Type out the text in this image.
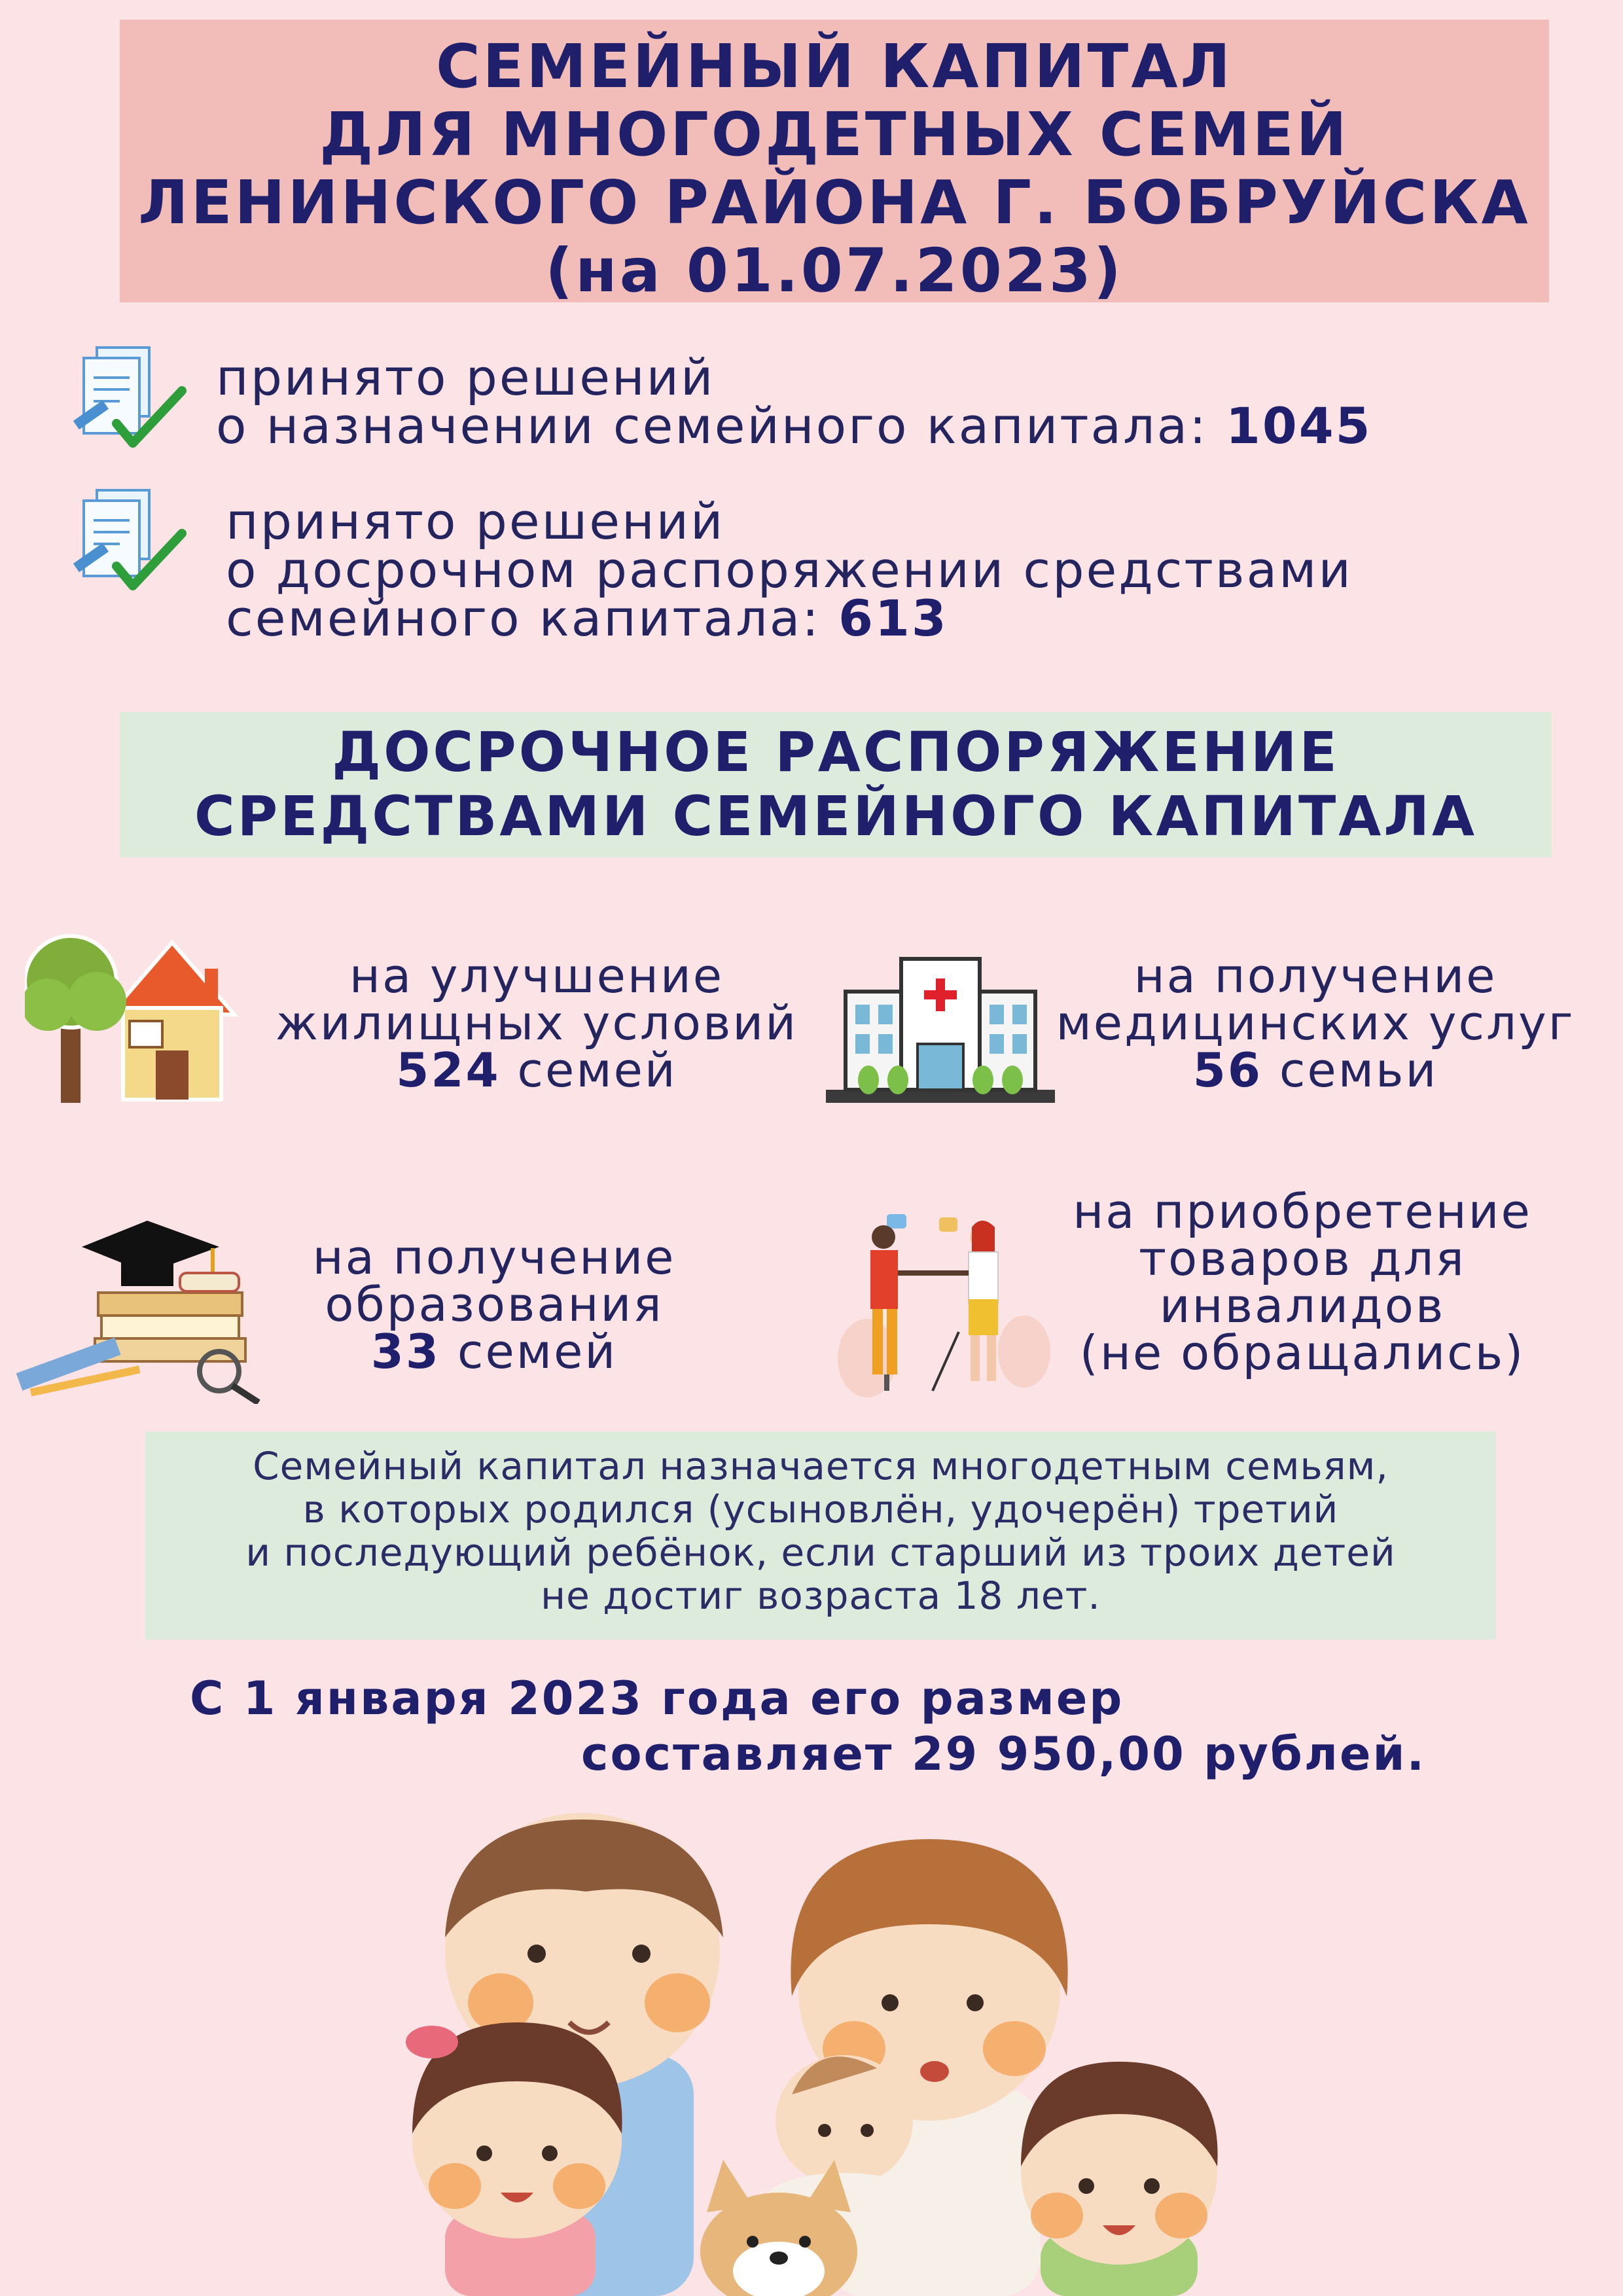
СЕМЕЙНЫЙ КАПИТАЛ
ДЛЯ МНОГОДЕТНЫХ СЕМЕЙ
ЛЕНИНСКОГО РАЙОНА Г. БОБРУЙСКА
(на 01.07.2023)
принято решений
о назначении семейного капитала: 1045
принято решений
о досрочном распоряжении средствами
семейного капитала: 613
ДОСРОЧНОЕ РАСПОРЯЖЕНИЕ
СРЕДСТВАМИ СЕМЕЙНОГО КАПИТАЛА
на улучшение
жилищных условий
524 семей
на получение
медицинских услуг
56 семьи
на получение
образования
33 семей
на приобретение
товаров для
инвалидов
(не обращались)
Семейный капитал назначается многодетным семьям,
в которых родился (усыновлён, удочерён) третий
и последующий ребёнок, если старший из троих детей
не достиг возраста 18 лет.
С 1 января 2023 года его размер
составляет 29 950,00 рублей.
